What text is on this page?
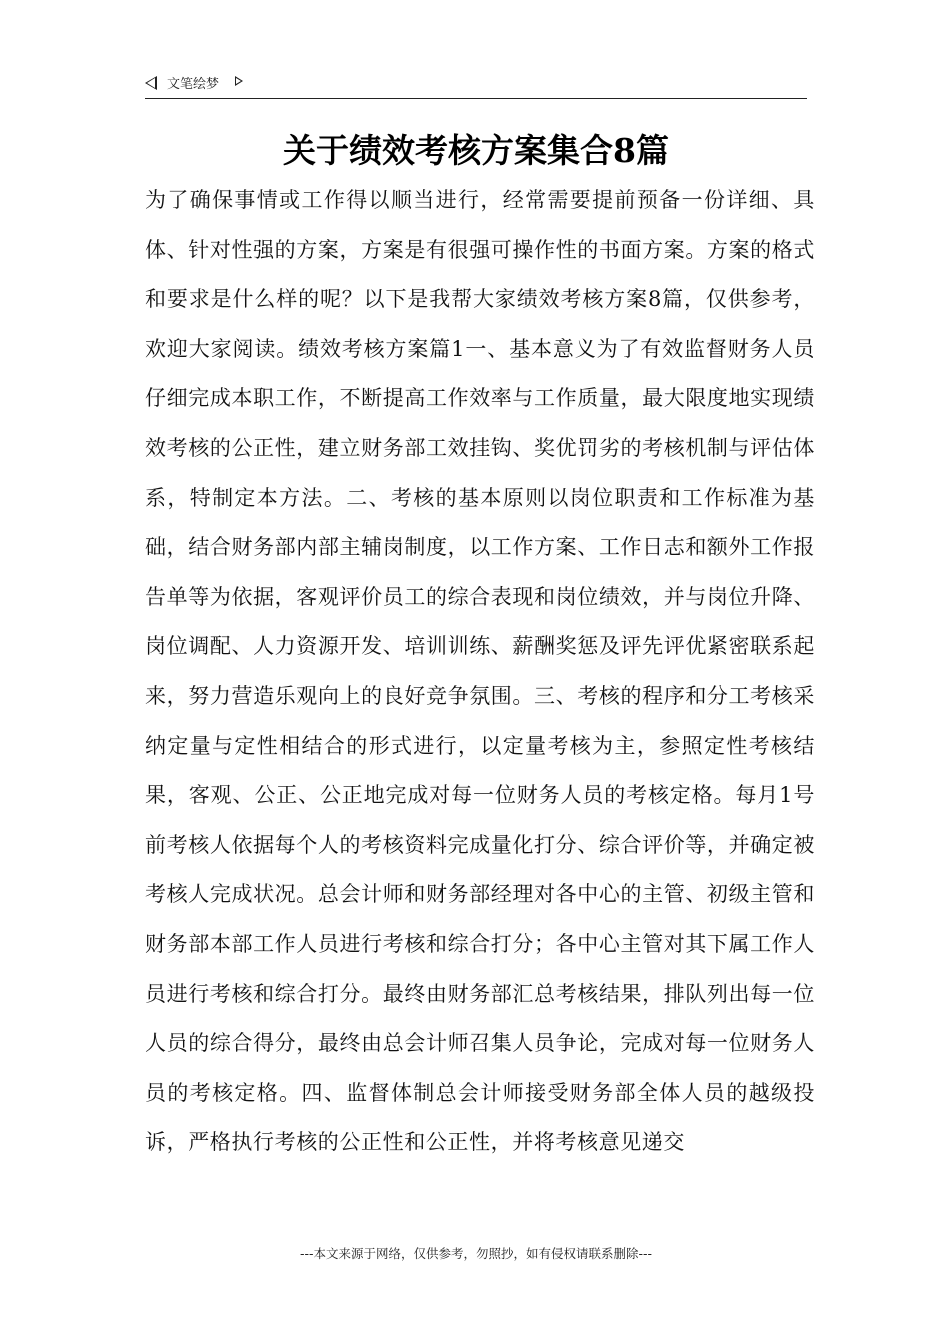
文笔绘梦
关于绩效考核方案集合8篇

为了确保事情或工作得以顺当进行，经常需要提前预备一份详细、具体、针对性强的方案，方案是有很强可操作性的书面方案。方案的格式和要求是什么样的呢？以下是我帮大家绩效考核方案8篇，仅供参考，欢迎大家阅读。绩效考核方案篇1一、基本意义为了有效监督财务人员仔细完成本职工作，不断提高工作效率与工作质量，最大限度地实现绩效考核的公正性，建立财务部工效挂钩、奖优罚劣的考核机制与评估体系，特制定本方法。二、考核的基本原则以岗位职责和工作标准为基础，结合财务部内部主辅岗制度，以工作方案、工作日志和额外工作报告单等为依据，客观评价员工的综合表现和岗位绩效，并与岗位升降、岗位调配、人力资源开发、培训训练、薪酬奖惩及评先评优紧密联系起来，努力营造乐观向上的良好竞争氛围。三、考核的程序和分工考核采纳定量与定性相结合的形式进行，以定量考核为主，参照定性考核结果，客观、公正、公正地完成对每一位财务人员的考核定格。每月1号前考核人依据每个人的考核资料完成量化打分、综合评价等，并确定被考核人完成状况。总会计师和财务部经理对各中心的主管、初级主管和财务部本部工作人员进行考核和综合打分；各中心主管对其下属工作人员进行考核和综合打分。最终由财务部汇总考核结果，排队列出每一位人员的综合得分，最终由总会计师召集人员争论，完成对每一位财务人员的考核定格。四、监督体制总会计师接受财务部全体人员的越级投诉，严格执行考核的公正性和公正性，并将考核意见递交

---本文来源于网络，仅供参考，勿照抄，如有侵权请联系删除---
